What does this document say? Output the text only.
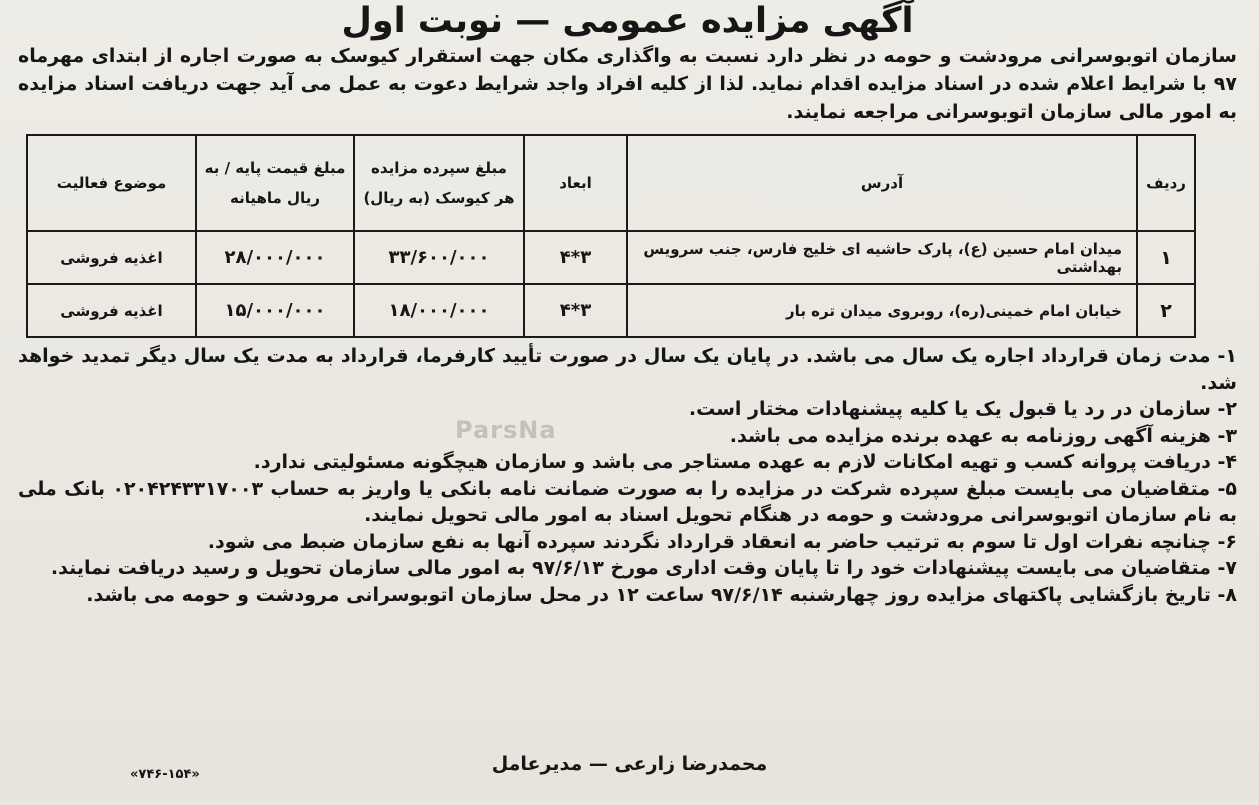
آگهی مزایده عمومی — نوبت اول
سازمان اتوبوسرانی مرودشت و حومه در نظر دارد نسبت به واگذاری مکان جهت استقرار کیوسک به صورت اجاره از ابتدای مهرماه ۹۷ با شرایط اعلام شده در اسناد مزایده اقدام نماید. لذا از کلیه افراد واجد شرایط دعوت به عمل می آید جهت دریافت اسناد مزایده به امور مالی سازمان اتوبوسرانی مراجعه نمایند.
ردیف	آدرس	ابعاد	مبلغ سپرده مزایده هر کیوسک (به ریال)	مبلغ قیمت پایه / به ریال ماهیانه	موضوع فعالیت
۱	میدان امام حسین (ع)، پارک حاشیه ای خلیج فارس، جنب سرویس بهداشتی	۳*۴	۳۳/۶۰۰/۰۰۰	۲۸/۰۰۰/۰۰۰	اغذیه فروشی
۲	خیابان امام خمینی(ره)، روبروی میدان تره بار	۳*۴	۱۸/۰۰۰/۰۰۰	۱۵/۰۰۰/۰۰۰	اغذیه فروشی

۱- مدت زمان قرارداد اجاره یک سال می باشد. در پایان یک سال در صورت تأیید کارفرما، قرارداد به مدت یک سال دیگر تمدید خواهد شد.

۲- سازمان در رد یا قبول یک یا کلیه پیشنهادات مختار است.

۳- هزینه آگهی روزنامه به عهده برنده مزایده می باشد.

۴- دریافت پروانه کسب و تهیه امکانات لازم به عهده مستاجر می باشد و سازمان هیچگونه مسئولیتی ندارد.

۵- متقاضیان می بایست مبلغ سپرده شرکت در مزایده را به صورت ضمانت نامه بانکی یا واریز به حساب ۰۲۰۴۲۴۳۳۱۷۰۰۳ بانک ملی به نام سازمان اتوبوسرانی مرودشت و حومه در هنگام تحویل اسناد به امور مالی تحویل نمایند.

۶- چنانچه نفرات اول تا سوم به ترتیب حاضر به انعقاد قرارداد نگردند سپرده آنها به نفع سازمان ضبط می شود.

۷- متقاضیان می بایست پیشنهادات خود را تا پایان وقت اداری مورخ ۹۷/۶/۱۳ به امور مالی سازمان تحویل و رسید دریافت نمایند.

۸- تاریخ بازگشایی پاکتهای مزایده روز چهارشنبه ۹۷/۶/۱۴ ساعت ۱۲ در محل سازمان اتوبوسرانی مرودشت و حومه می باشد.

ParsNa
محمدرضا زارعی — مدیرعامل
«۷۴۶-۱۵۴»
